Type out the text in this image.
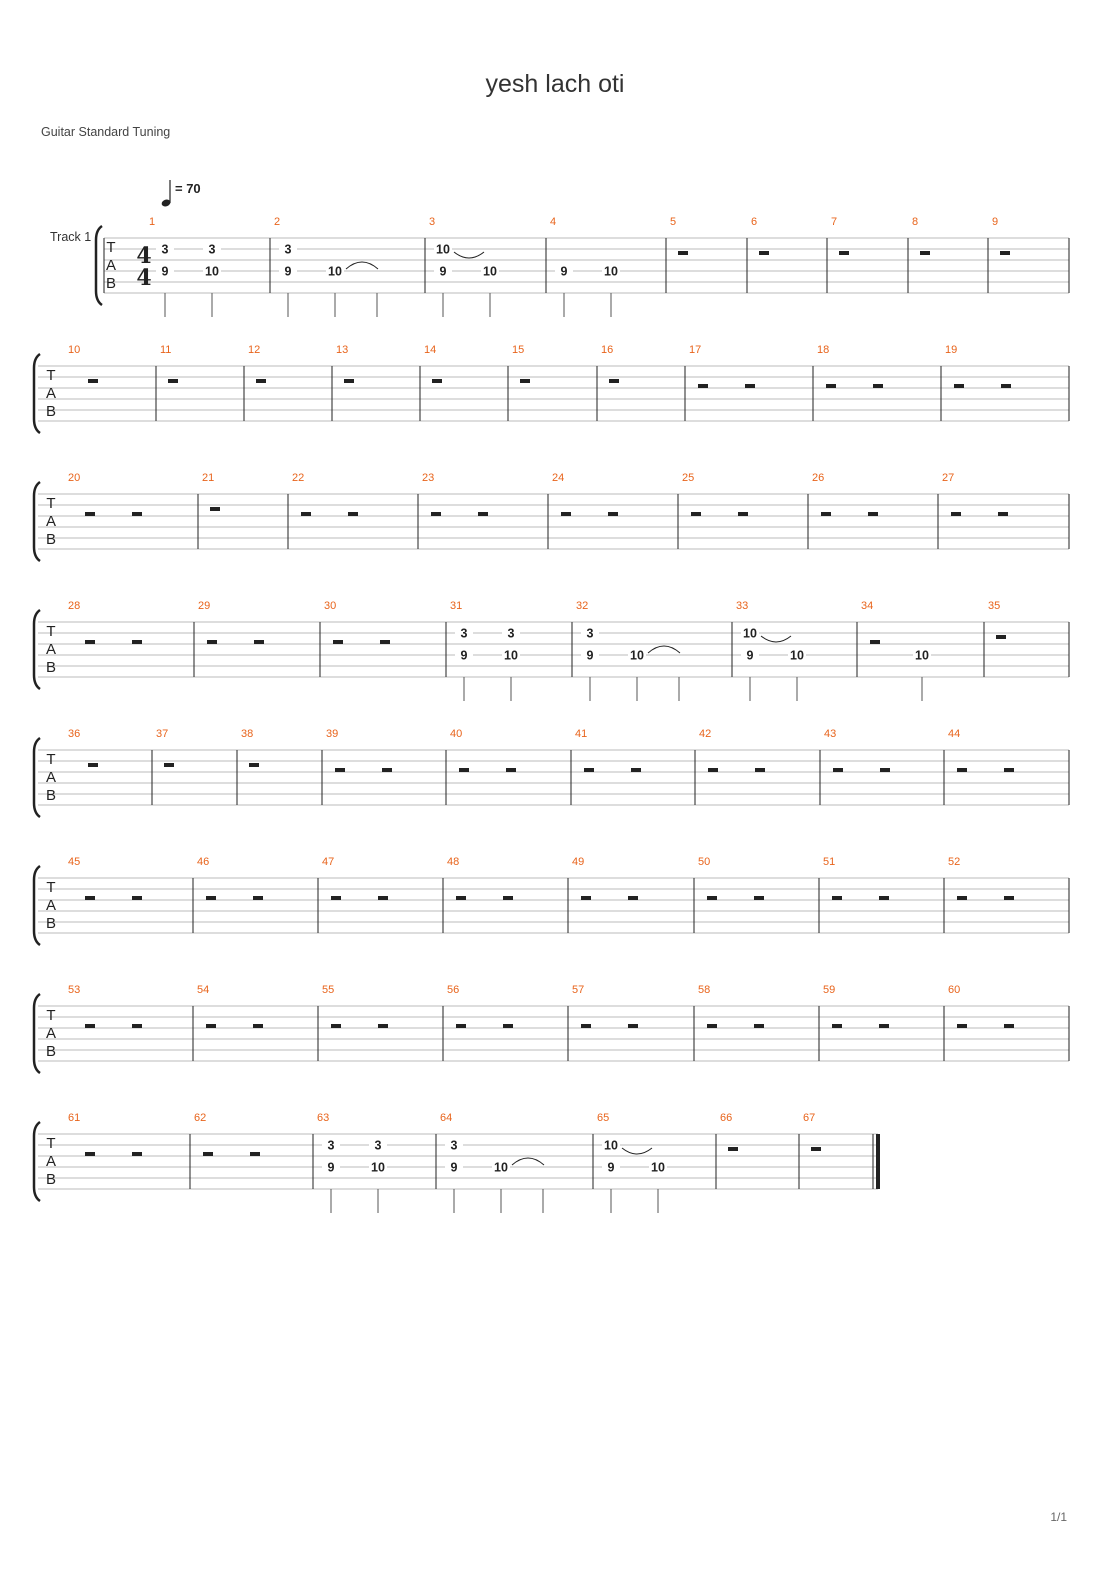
yesh lach oti
Guitar Standard Tuning
T
A
B
4
4
Track 1
= 70
1
3
9
3
10
2
3
9	10
3
10
9	10
4
9	10
5	6	7	8	9
T
A
B
10	11	12	13	14	15	16	17	18	19
T
A
B
20	21	22	23	24	25	26	27
T
A
B
28	29	30	31
3
9
3
10
32
3
9	10
33
10
9	10
34
10
35
T
A
B
36	37	38	39	40	41	42	43	44
T
A
B
45	46	47	48	49	50	51	52
T
A
B
53	54	55	56	57	58	59	60
T
A
B
61	62	63
3
9
3
10
64
3
9	10
65
10
9	10
66	67
1/1
